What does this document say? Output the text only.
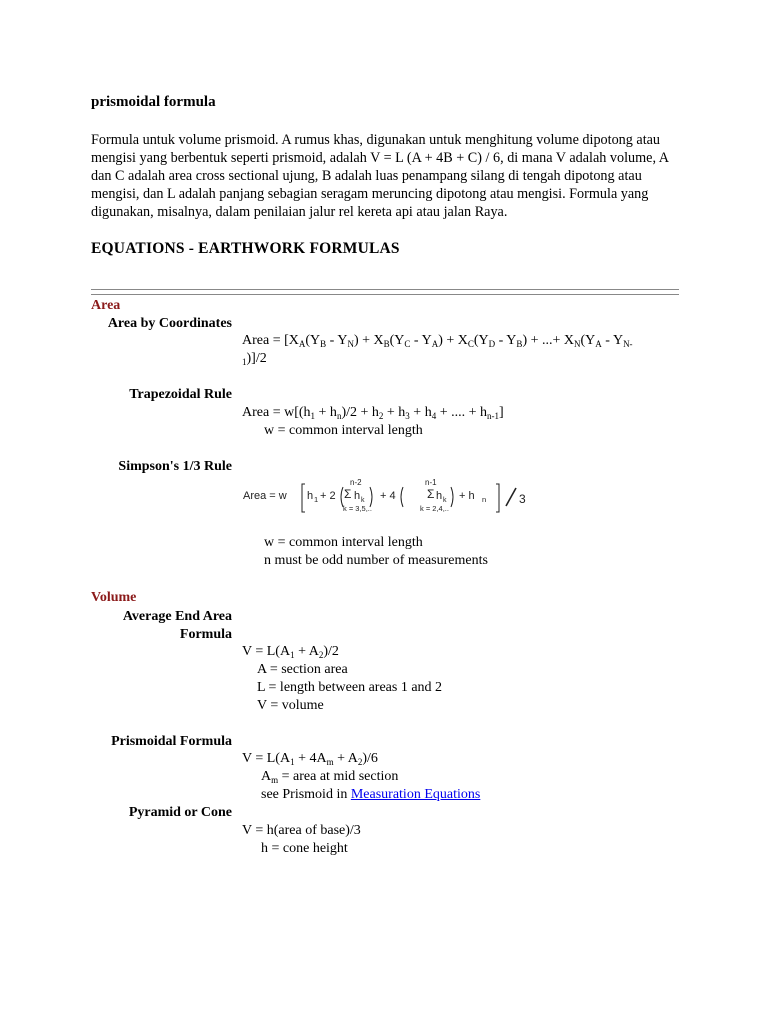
prismoidal formula
Formula untuk volume prismoid. A rumus khas, digunakan untuk menghitung volume dipotong atau mengisi yang berbentuk seperti prismoid, adalah V = L (A + 4B + C) / 6, di mana V adalah volume, A dan C adalah area cross sectional ujung, B adalah luas penampang silang di tengah dipotong atau mengisi, dan L adalah panjang sebagian seragam meruncing dipotong atau mengisi. Formula yang digunakan, misalnya, dalam penilaian jalur rel kereta api atau jalan Raya.
EQUATIONS - EARTHWORK FORMULAS
Area
Area by Coordinates
Area = [$X_A(Y_B - Y_N) + X_B(Y_C - Y_A) + X_C(Y_D - Y_B)$ + ...+ $X_N(Y_A - Y_{N-}$
$_1$)]/2
Trapezoidal Rule
Area = $w[(h_1 + h_n)/2 + h_2 + h_3 + h_4$ + .... + $h_{n-1}$]
w = common interval length
Simpson's 1/3 Rule
Area = w h 1 + 2
n-2
Σ h k
k = 3,5,..
+ 4
n-1
Σ h k
k = 2,4,..
+ h n	3
w = common interval length
n must be odd number of measurements
Volume
Average End Area
Formula
$V = L(A_1 + A_2)/2$
A = section area
L = length between areas 1 and 2
V = volume
Prismoidal Formula
$V = L(A_1 + 4A_m + A_2)/6$
$A_m$ = area at mid section
see Prismoid in Measuration Equations
Pyramid or Cone
V = h(area of base)/3
h = cone height
